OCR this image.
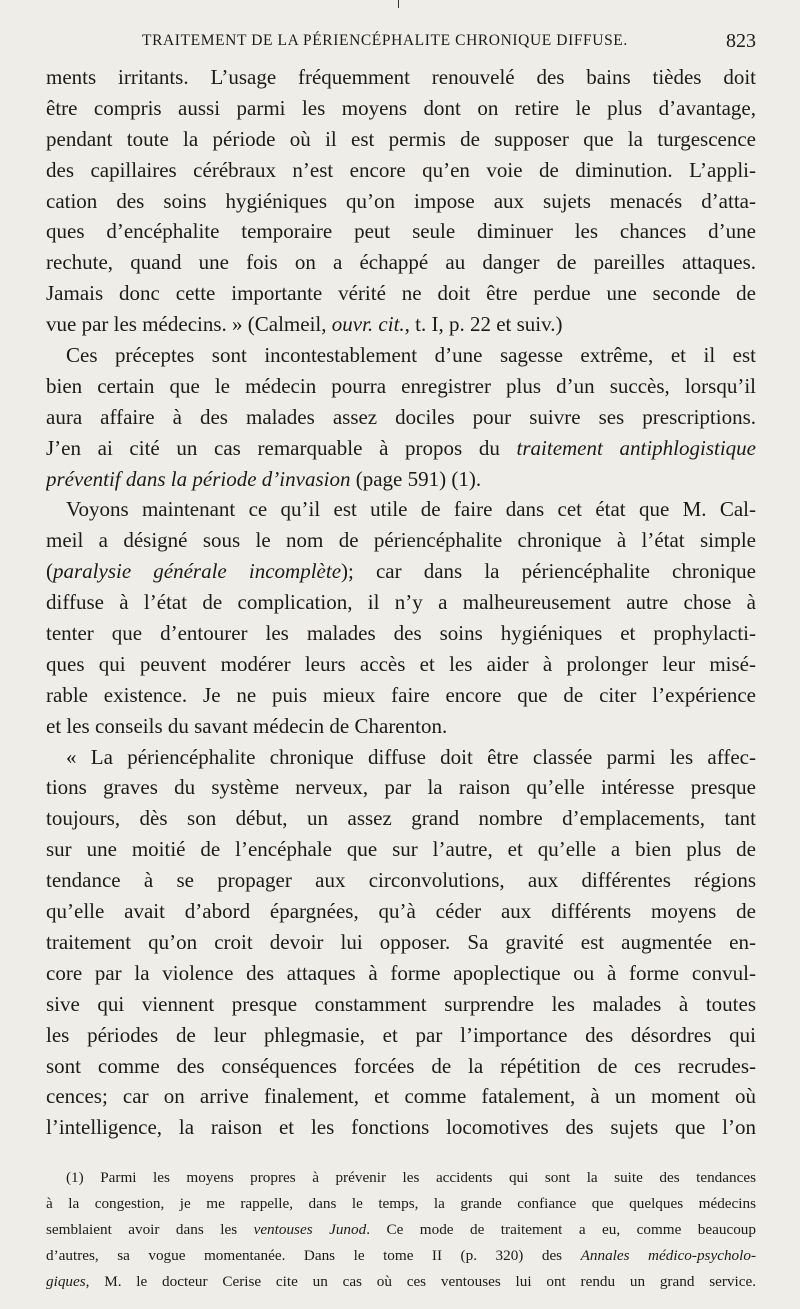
TRAITEMENT DE LA PÉRIENCÉPHALITE CHRONIQUE DIFFUSE.	823
ments irritants. L’usage fréquemment renouvelé des bains tièdes doit
être compris aussi parmi les moyens dont on retire le plus d’avantage,
pendant toute la période où il est permis de supposer que la turgescence
des capillaires cérébraux n’est encore qu’en voie de diminution. L’appli-
cation des soins hygiéniques qu’on impose aux sujets menacés d’atta-
ques d’encéphalite temporaire peut seule diminuer les chances d’une
rechute, quand une fois on a échappé au danger de pareilles attaques.
Jamais donc cette importante vérité ne doit être perdue une seconde de
vue par les médecins. » (Calmeil, ouvr. cit., t. I, p. 22 et suiv.)
Ces préceptes sont incontestablement d’une sagesse extrême, et il est
bien certain que le médecin pourra enregistrer plus d’un succès, lorsqu’il
aura affaire à des malades assez dociles pour suivre ses prescriptions.
J’en ai cité un cas remarquable à propos du traitement antiphlogistique
préventif dans la période d’invasion (page 591) (1).
Voyons maintenant ce qu’il est utile de faire dans cet état que M. Cal-
meil a désigné sous le nom de périencéphalite chronique à l’état simple
(paralysie générale incomplète); car dans la périencéphalite chronique
diffuse à l’état de complication, il n’y a malheureusement autre chose à
tenter que d’entourer les malades des soins hygiéniques et prophylacti-
ques qui peuvent modérer leurs accès et les aider à prolonger leur misé-
rable existence. Je ne puis mieux faire encore que de citer l’expérience
et les conseils du savant médecin de Charenton.
« La périencéphalite chronique diffuse doit être classée parmi les affec-
tions graves du système nerveux, par la raison qu’elle intéresse presque
toujours, dès son début, un assez grand nombre d’emplacements, tant
sur une moitié de l’encéphale que sur l’autre, et qu’elle a bien plus de
tendance à se propager aux circonvolutions, aux différentes régions
qu’elle avait d’abord épargnées, qu’à céder aux différents moyens de
traitement qu’on croit devoir lui opposer. Sa gravité est augmentée en-
core par la violence des attaques à forme apoplectique ou à forme convul-
sive qui viennent presque constamment surprendre les malades à toutes
les périodes de leur phlegmasie, et par l’importance des désordres qui
sont comme des conséquences forcées de la répétition de ces recrudes-
cences; car on arrive finalement, et comme fatalement, à un moment où
l’intelligence, la raison et les fonctions locomotives des sujets que l’on
(1) Parmi les moyens propres à prévenir les accidents qui sont la suite des tendances
à la congestion, je me rappelle, dans le temps, la grande confiance que quelques médecins
semblaient avoir dans les ventouses Junod. Ce mode de traitement a eu, comme beaucoup
d’autres, sa vogue momentanée. Dans le tome II (p. 320) des Annales médico-psycholo-
giques, M. le docteur Cerise cite un cas où ces ventouses lui ont rendu un grand service.
